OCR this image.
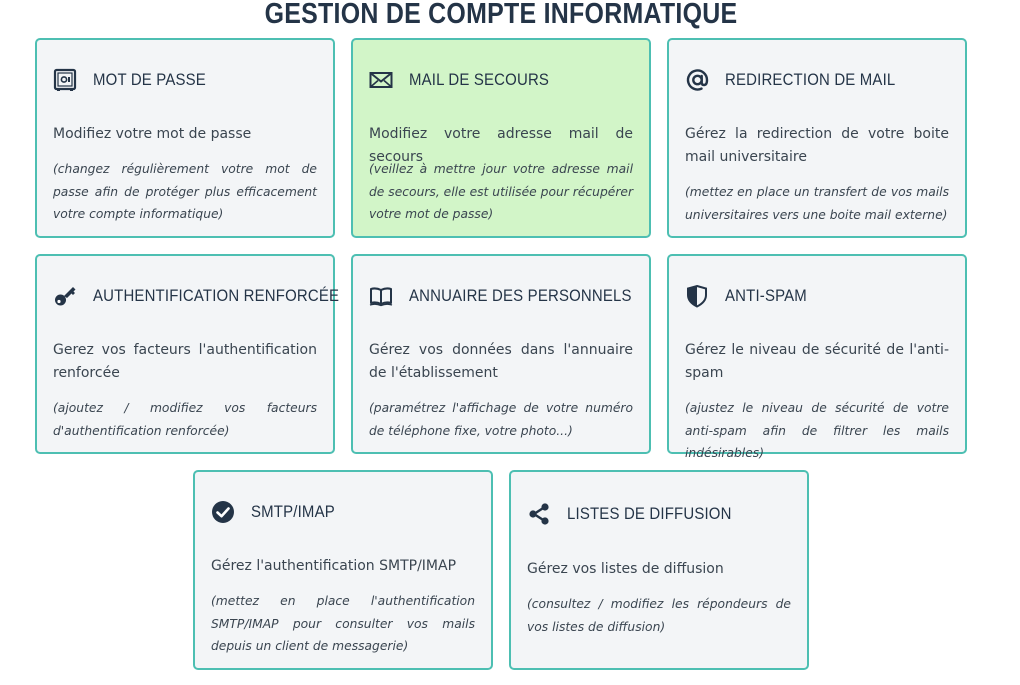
GESTION DE COMPTE INFORMATIQUE
MOT DE PASSE
Modifiez votre mot de passe
(changez régulièrement votre mot de passe afin de protéger plus efficacement votre compte informatique)
MAIL DE SECOURS
Modifiez votre adresse mail de secours
(veillez à mettre jour votre adresse mail de secours, elle est utilisée pour récupérer votre mot de passe)
REDIRECTION DE MAIL
Gérez la redirection de votre boite mail universitaire
(mettez en place un transfert de vos mails universitaires vers une boite mail externe)
AUTHENTIFICATION RENFORCÉE
Gerez vos facteurs l'authentification renforcée
(ajoutez / modifiez vos facteurs d'authentification renforcée)
ANNUAIRE DES PERSONNELS
Gérez vos données dans l'annuaire de l'établissement
(paramétrez l'affichage de votre numéro de téléphone fixe, votre photo...)
ANTI-SPAM
Gérez le niveau de sécurité de l'anti-spam
(ajustez le niveau de sécurité de votre anti-spam afin de filtrer les mails indésirables)
SMTP/IMAP
Gérez l'authentification SMTP/IMAP
(mettez en place l'authentification SMTP/IMAP pour consulter vos mails depuis un client de messagerie)
LISTES DE DIFFUSION
Gérez vos listes de diffusion
(consultez / modifiez les répondeurs de vos listes de diffusion)
